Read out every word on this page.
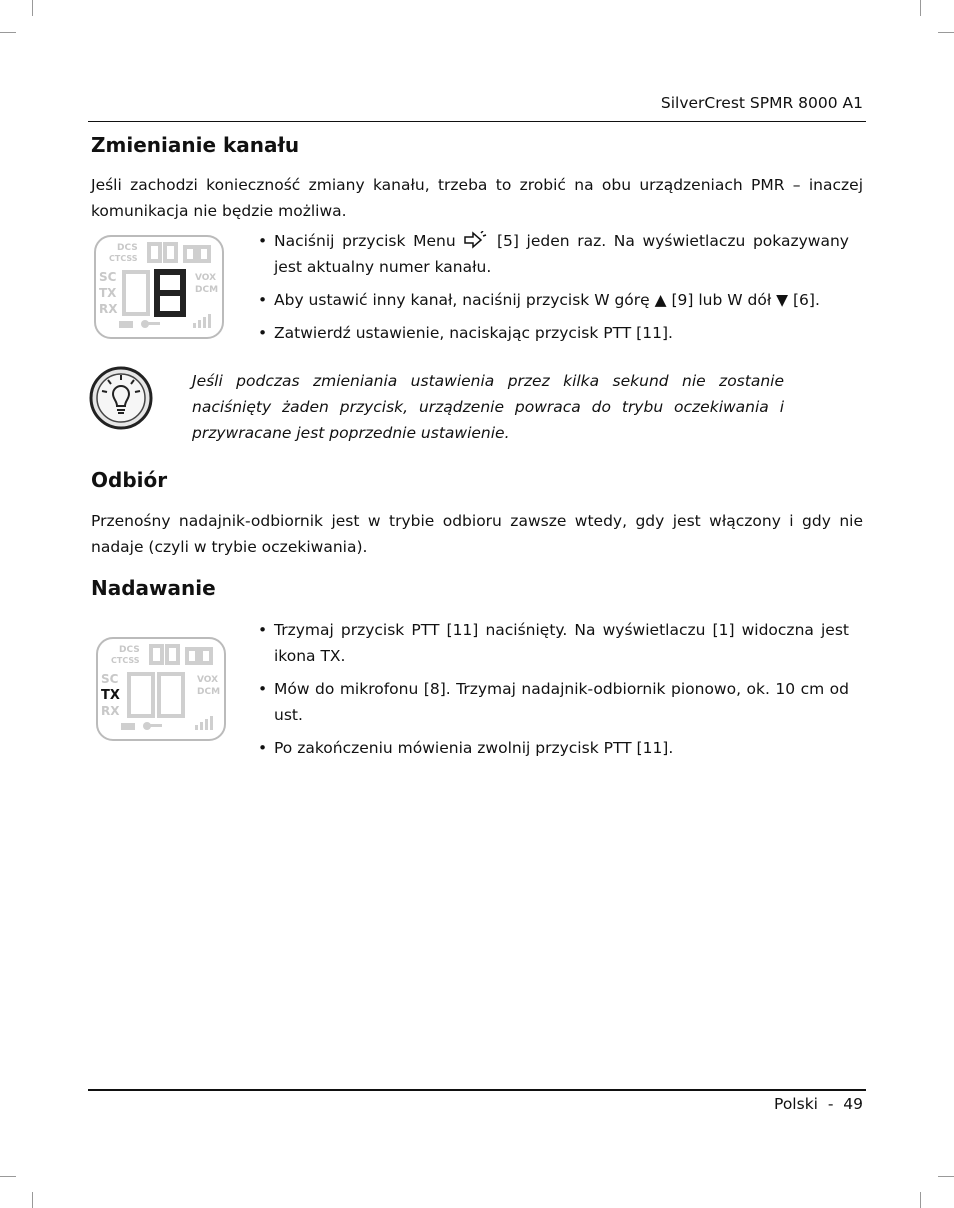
SilverCrest SPMR 8000 A1
Zmienianie kanału

Jeśli zachodzi konieczność zmiany kanału, trzeba to zrobić na obu urządzeniach PMR – inaczej komunikacja nie będzie możliwa.

DCS
CTCSS
SC
TX
RX
VOX
DCM
• Naciśnij przycisk Menu	[5] jeden raz. Na wyświetlaczu pokazywany jest aktualny numer kanału.
• Aby ustawić inny kanał, naciśnij przycisk W górę ▲ [9] lub W dół ▼ [6].
• Zatwierdź ustawienie, naciskając przycisk PTT [11].

Jeśli podczas zmieniania ustawienia przez kilka sekund nie zostanie naciśnięty żaden przycisk, urządzenie powraca do trybu oczekiwania i przywracane jest poprzednie ustawienie.

Odbiór

Przenośny nadajnik-odbiornik jest w trybie odbioru zawsze wtedy, gdy jest włączony i gdy nie nadaje (czyli w trybie oczekiwania).

Nadawanie
DCS
CTCSS
SC
RX
VOX
DCM
TX
• Trzymaj przycisk PTT [11] naciśnięty. Na wyświetlaczu [1] widoczna jest ikona TX.
• Mów do mikrofonu [8]. Trzymaj nadajnik-odbiornik pionowo, ok. 10 cm od ust.
• Po zakończeniu mówienia zwolnij przycisk PTT [11].
Polski  -  49
